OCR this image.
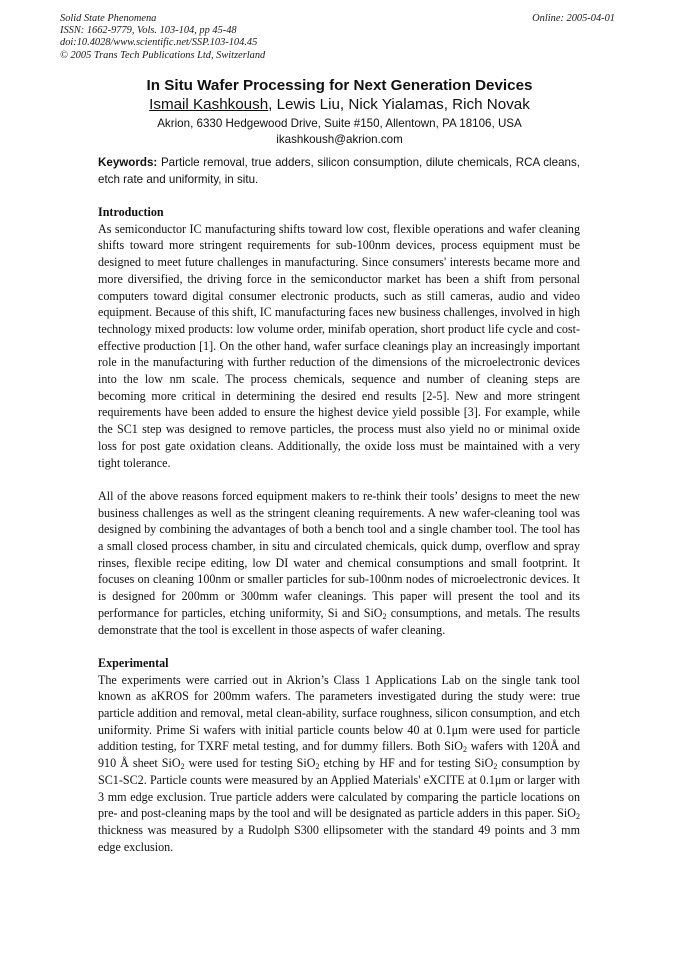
Solid State Phenomena
ISSN: 1662-9779, Vols. 103-104, pp 45-48
doi:10.4028/www.scientific.net/SSP.103-104.45
© 2005 Trans Tech Publications Ltd, Switzerland
Online: 2005-04-01
In Situ Wafer Processing for Next Generation Devices
Ismail Kashkoush, Lewis Liu, Nick Yialamas, Rich Novak
Akrion, 6330 Hedgewood Drive, Suite #150, Allentown, PA 18106, USA
ikashkoush@akrion.com
Keywords: Particle removal, true adders, silicon consumption, dilute chemicals, RCA cleans, etch rate and uniformity, in situ.
Introduction

As semiconductor IC manufacturing shifts toward low cost, flexible operations and wafer cleaning shifts toward more stringent requirements for sub-100nm devices, process equipment must be designed to meet future challenges in manufacturing. Since consumers' interests became more and more diversified, the driving force in the semiconductor market has been a shift from personal computers toward digital consumer electronic products, such as still cameras, audio and video equipment. Because of this shift, IC manufacturing faces new business challenges, involved in high technology mixed products: low volume order, minifab operation, short product life cycle and cost-effective production [1]. On the other hand, wafer surface cleanings play an increasingly important role in the manufacturing with further reduction of the dimensions of the microelectronic devices into the low nm scale. The process chemicals, sequence and number of cleaning steps are becoming more critical in determining the desired end results [2-5]. New and more stringent requirements have been added to ensure the highest device yield possible [3]. For example, while the SC1 step was designed to remove particles, the process must also yield no or minimal oxide loss for post gate oxidation cleans. Additionally, the oxide loss must be maintained with a very tight tolerance.

All of the above reasons forced equipment makers to re-think their tools’ designs to meet the new business challenges as well as the stringent cleaning requirements. A new wafer-cleaning tool was designed by combining the advantages of both a bench tool and a single chamber tool. The tool has a small closed process chamber, in situ and circulated chemicals, quick dump, overflow and spray rinses, flexible recipe editing, low DI water and chemical consumptions and small footprint. It focuses on cleaning 100nm or smaller particles for sub-100nm nodes of microelectronic devices. It is designed for 200mm or 300mm wafer cleanings. This paper will present the tool and its performance for particles, etching uniformity, Si and SiO$_2$ consumptions, and metals. The results demonstrate that the tool is excellent in those aspects of wafer cleaning.

Experimental

The experiments were carried out in Akrion’s Class 1 Applications Lab on the single tank tool known as aKROS for 200mm wafers. The parameters investigated during the study were: true particle addition and removal, metal clean-ability, surface roughness, silicon consumption, and etch uniformity. Prime Si wafers with initial particle counts below 40 at 0.1μm were used for particle addition testing, for TXRF metal testing, and for dummy fillers. Both SiO$_2$ wafers with 120Å and 910 Å sheet SiO$_2$ were used for testing SiO$_2$ etching by HF and for testing SiO$_2$ consumption by SC1-SC2. Particle counts were measured by an Applied Materials' eXCITE at 0.1μm or larger with 3 mm edge exclusion. True particle adders were calculated by comparing the particle locations on pre- and post-cleaning maps by the tool and will be designated as particle adders in this paper. SiO$_2$ thickness was measured by a Rudolph S300 ellipsometer with the standard 49 points and 3 mm edge exclusion.
